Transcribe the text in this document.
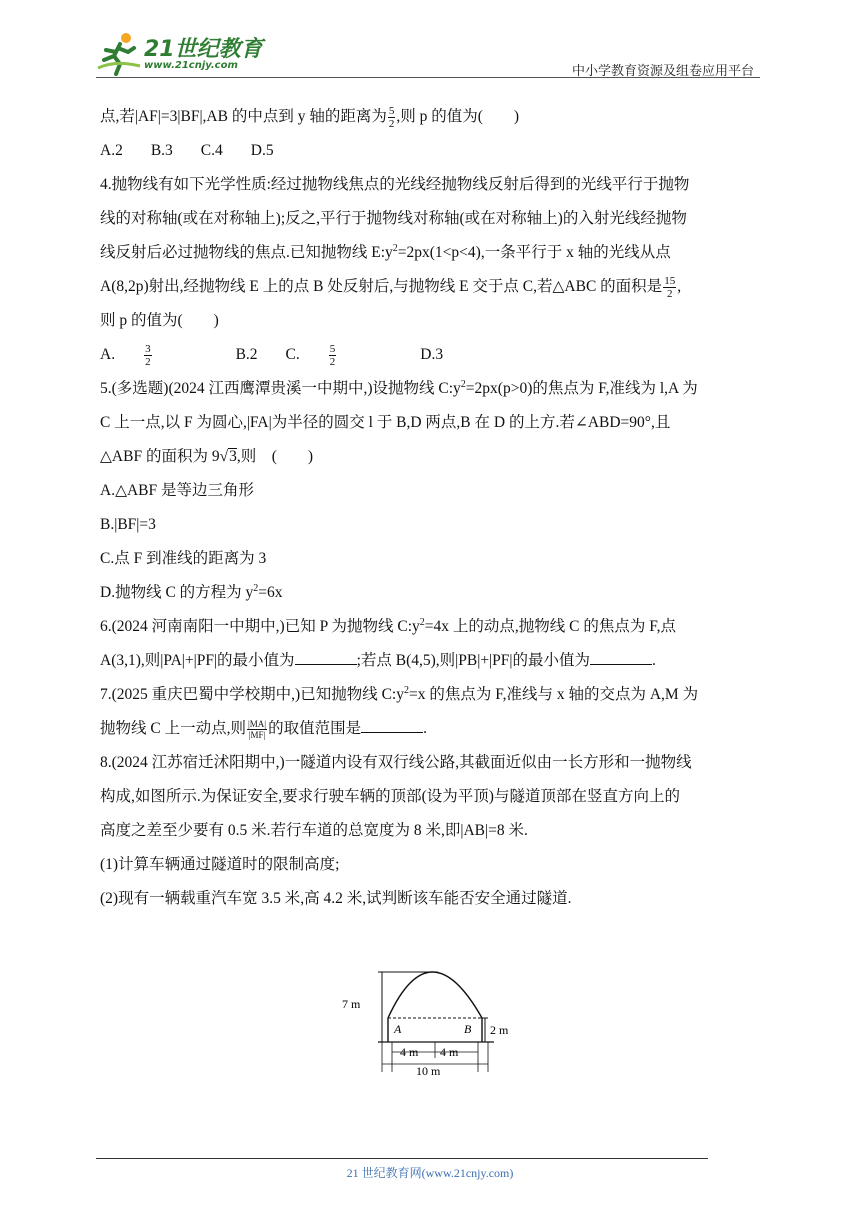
21世纪教育
www.21cnjy.com	中小学教育资源及组卷应用平台

点,若|AF|=3|BF|,AB 的中点到 y 轴的距离为 $\frac{5}{2}$ ,则 p 的值为(　　)

A.2 B.3 C.4 D.5

4.抛物线有如下光学性质:经过抛物线焦点的光线经抛物线反射后得到的光线平行于抛物
线的对称轴(或在对称轴上);反之,平行于抛物线对称轴(或在对称轴上)的入射光线经抛物
线反射后必过抛物线的焦点.已知抛物线 $E:y^2=2px(1<p<4)$,一条平行于 x 轴的光线从点
A(8,2p)射出,经抛物线 E 上的点 B 处反射后,与抛物线 E 交于点 C,若△ABC 的面积是 $\frac{15}{2}$ ,
则 p 的值为(　　)

A.	$\frac{3}{2}$	B.2 C.	$\frac{5}{2}$	D.3

5.(多选题)(2024 江西鹰潭贵溪一中期中,)设抛物线 $C:y^2=2px(p>0)$的焦点为 F,准线为 l,A 为
C 上一点,以 F 为圆心,|FA|为半径的圆交 l 于 B,D 两点,B 在 D 的上方.若∠ABD=90°,且
△ABF 的面积为 9√3,则　(　　)

A.△ABF 是等边三角形

B.|BF|=3

C.点 F 到准线的距离为 3

D.抛物线 C 的方程为 $y^2=6x$

6.(2024 河南南阳一中期中,)已知 P 为抛物线 $C:y^2=4x$ 上的动点,抛物线 C 的焦点为 F,点
A(3,1),则|PA|+|PF|的最小值为	;若点 B(4,5),则|PB|+|PF|的最小值为	.

7.(2025 重庆巴蜀中学校期中,)已知抛物线 $C:y^2=x$ 的焦点为 F,准线与 x 轴的交点为 A,M 为
抛物线 C 上一动点,则 $\frac{|MA|}{|MF|}$ 的取值范围是	.

8.(2024 江苏宿迁沭阳期中,)一隧道内设有双行线公路,其截面近似由一长方形和一抛物线
构成,如图所示.为保证安全,要求行驶车辆的顶部(设为平顶)与隧道顶部在竖直方向上的
高度之差至少要有 0.5 米.若行车道的总宽度为 8 米,即|AB|=8 米.

(1)计算车辆通过隧道时的限制高度;

(2)现有一辆载重汽车宽 3.5 米,高 4.2 米,试判断该车能否安全通过隧道.

7 m
A	B 2 m
4 m 4 m
10 m
21 世纪教育网(www.21cnjy.com)
